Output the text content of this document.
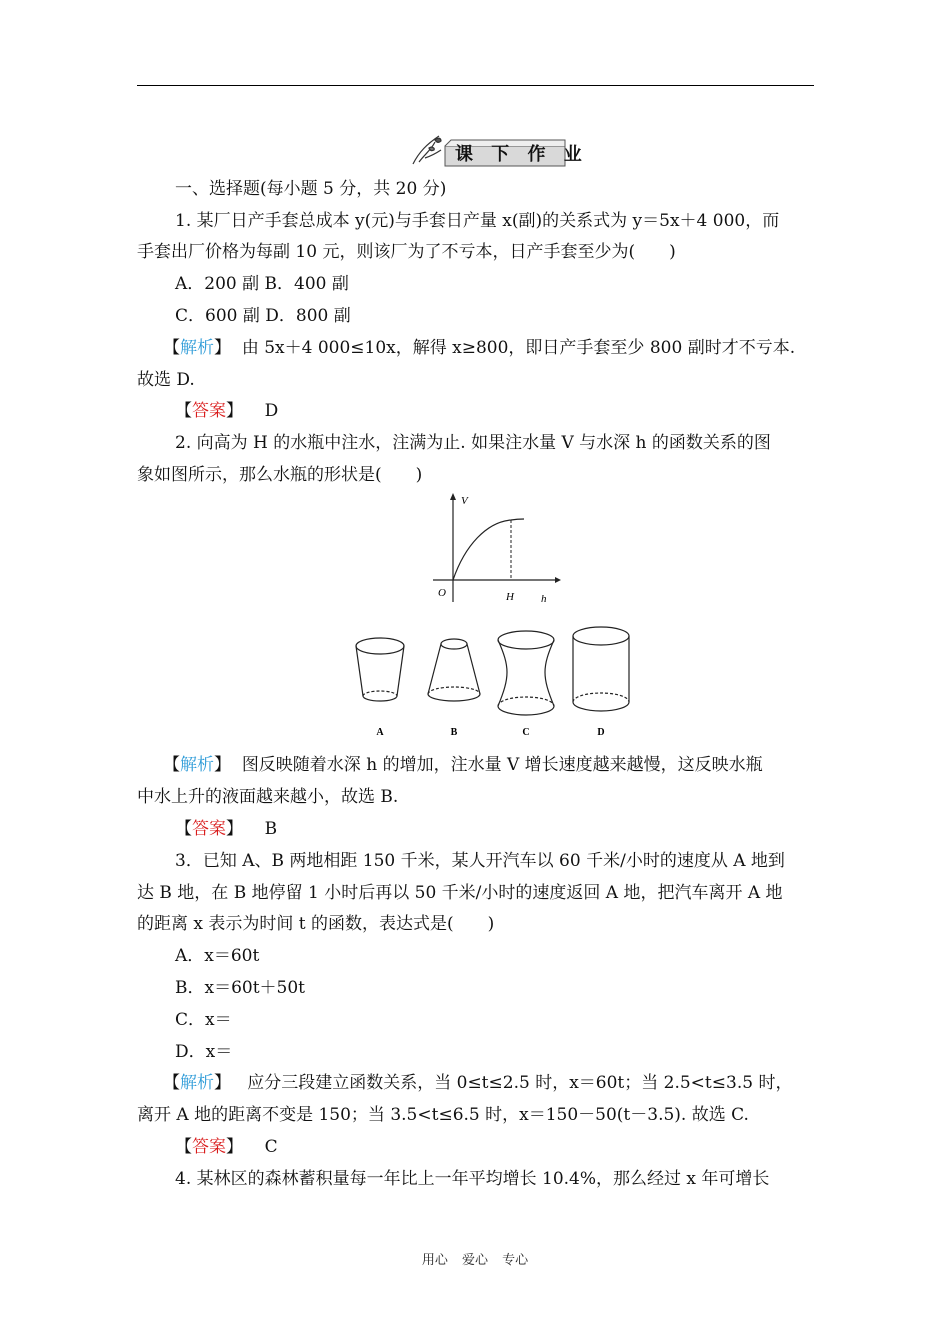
课 下 作 业
一、选择题(每小题 5 分，共 20 分)
1. 某厂日产手套总成本 y(元)与手套日产量 x(副)的关系式为 y＝5x＋4 000，而
手套出厂价格为每副 10 元，则该厂为了不亏本，日产手套至少为(　　)
A．200 副 B．400 副
C．600 副 D．800 副
【解析】 由 5x＋4 000≤10x，解得 x≥800，即日产手套至少 800 副时才不亏本.
故选 D.
【答案】 D
2. 向高为 H 的水瓶中注水，注满为止. 如果注水量 V 与水深 h 的函数关系的图
象如图所示，那么水瓶的形状是(　　)
V
h
O	H
A	B	C	D
【解析】 图反映随着水深 h 的增加，注水量 V 增长速度越来越慢，这反映水瓶
中水上升的液面越来越小，故选 B.
【答案】 B
3．已知 A、B 两地相距 150 千米，某人开汽车以 60 千米/小时的速度从 A 地到
达 B 地，在 B 地停留 1 小时后再以 50 千米/小时的速度返回 A 地，把汽车离开 A 地
的距离 x 表示为时间 t 的函数，表达式是(　　)
A．x＝60t
B．x＝60t＋50t
C．x＝
D．x＝
【解析】 应分三段建立函数关系，当 0≤t≤2.5 时，x＝60t；当 2.5<t≤3.5 时，
离开 A 地的距离不变是 150；当 3.5<t≤6.5 时，x＝150－50(t－3.5). 故选 C.
【答案】 C
4. 某林区的森林蓄积量每一年比上一年平均增长 10.4%，那么经过 x 年可增长
用心 爱心 专心
